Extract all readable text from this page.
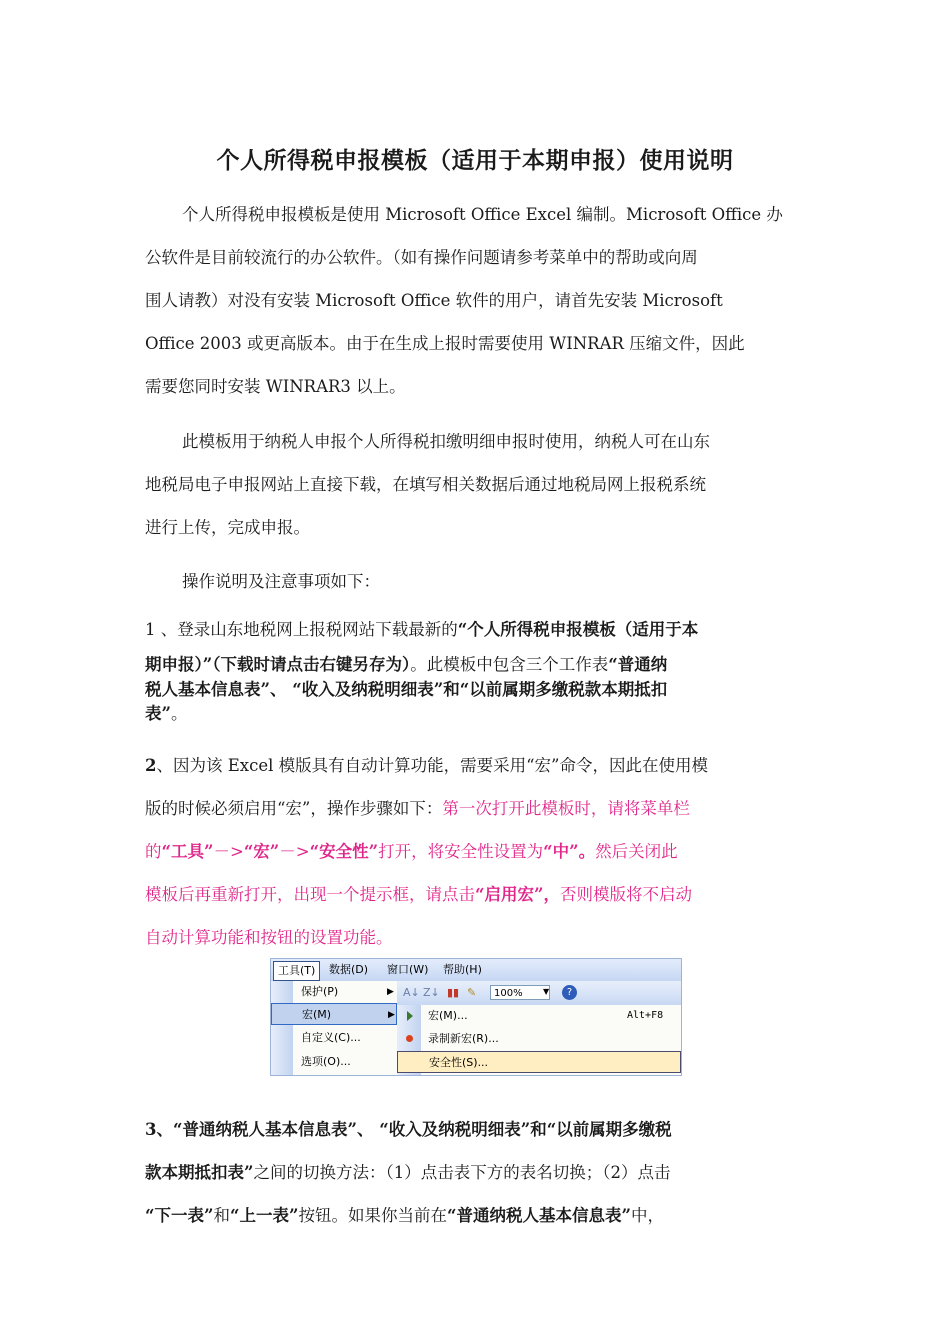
个人所得税申报模板（适用于本期申报）使用说明
个人所得税申报模板是使用 Microsoft Office Excel 编制。Microsoft Office 办
公软件是目前较流行的办公软件。（如有操作问题请参考菜单中的帮助或向周
围人请教）对没有安装 Microsoft Office 软件的用户，请首先安装 Microsoft
Office 2003 或更高版本。由于在生成上报时需要使用 WINRAR 压缩文件，因此
需要您同时安装 WINRAR3 以上。
此模板用于纳税人申报个人所得税扣缴明细申报时使用，纳税人可在山东
地税局电子申报网站上直接下载，在填写相关数据后通过地税局网上报税系统
进行上传，完成申报。
操作说明及注意事项如下：
1 、登录山东地税网上报税网站下载最新的“个人所得税申报模板（适用于本
期申报）”（下载时请点击右键另存为）。此模板中包含三个工作表“普通纳
税人基本信息表”、 “收入及纳税明细表”和“以前属期多缴税款本期抵扣
表”。
2、因为该 Excel 模版具有自动计算功能，需要采用“宏”命令，因此在使用模
版的时候必须启用“宏”，操作步骤如下：第一次打开此模板时，请将菜单栏
的“工具”－>“宏”－>“安全性”打开，将安全性设置为“中”。然后关闭此
模板后再重新打开，出现一个提示框，请点击“启用宏”，否则模版将不启动
自动计算功能和按钮的设置功能。
工具(T)	数据(D) 窗口(W) 帮助(H)
保护(P)	▶
宏(M)	▶
自定义(C)...
选项(O)...
A↓ Z↓ ▮▮ ✎	100%	▼	?
宏(M)...	Alt+F8
录制新宏(R)...
安全性(S)...
3、“普通纳税人基本信息表”、 “收入及纳税明细表”和“以前属期多缴税
款本期抵扣表”之间的切换方法：（1）点击表下方的表名切换；（2）点击
“下一表”和“上一表”按钮。如果你当前在“普通纳税人基本信息表”中，
